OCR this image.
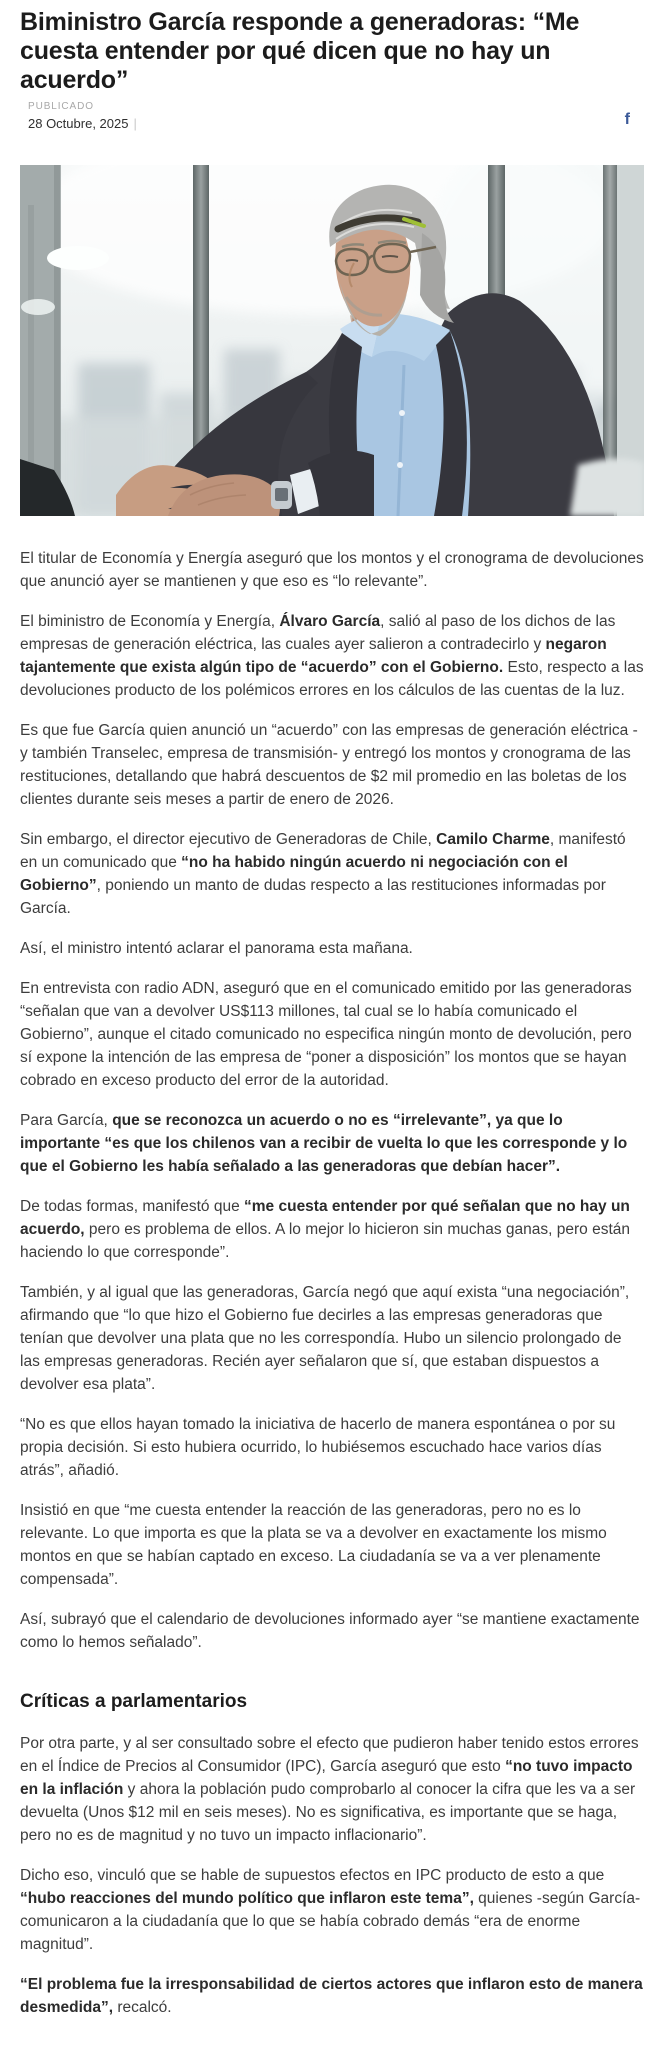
Biministro García responde a generadoras: “Me cuesta entender por qué dicen que no hay un acuerdo”
PUBLICADO
28 Octubre, 2025 |	f

El titular de Economía y Energía aseguró que los montos y el cronograma de devoluciones que anunció ayer se mantienen y que eso es “lo relevante”.

El biministro de Economía y Energía, Álvaro García, salió al paso de los dichos de las empresas de generación eléctrica, las cuales ayer salieron a contradecirlo y negaron tajantemente que exista algún tipo de “acuerdo” con el Gobierno. Esto, respecto a las devoluciones producto de los polémicos errores en los cálculos de las cuentas de la luz.

Es que fue García quien anunció un “acuerdo” con las empresas de generación eléctrica -y también Transelec, empresa de transmisión- y entregó los montos y cronograma de las restituciones, detallando que habrá descuentos de $2 mil promedio en las boletas de los clientes durante seis meses a partir de enero de 2026.

Sin embargo, el director ejecutivo de Generadoras de Chile, Camilo Charme, manifestó en un comunicado que “no ha habido ningún acuerdo ni negociación con el Gobierno”, poniendo un manto de dudas respecto a las restituciones informadas por García.

Así, el ministro intentó aclarar el panorama esta mañana.

En entrevista con radio ADN, aseguró que en el comunicado emitido por las generadoras “señalan que van a devolver US$113 millones, tal cual se lo había comunicado el Gobierno”, aunque el citado comunicado no especifica ningún monto de devolución, pero sí expone la intención de las empresa de “poner a disposición” los montos que se hayan cobrado en exceso producto del error de la autoridad.

Para García, que se reconozca un acuerdo o no es “irrelevante”, ya que lo importante “es que los chilenos van a recibir de vuelta lo que les corresponde y lo que el Gobierno les había señalado a las generadoras que debían hacer”.

De todas formas, manifestó que “me cuesta entender por qué señalan que no hay un acuerdo, pero es problema de ellos. A lo mejor lo hicieron sin muchas ganas, pero están haciendo lo que corresponde”.

También, y al igual que las generadoras, García negó que aquí exista “una negociación”, afirmando que “lo que hizo el Gobierno fue decirles a las empresas generadoras que tenían que devolver una plata que no les correspondía. Hubo un silencio prolongado de las empresas generadoras. Recién ayer señalaron que sí, que estaban dispuestos a devolver esa plata”.

“No es que ellos hayan tomado la iniciativa de hacerlo de manera espontánea o por su propia decisión. Si esto hubiera ocurrido, lo hubiésemos escuchado hace varios días atrás”, añadió.

Insistió en que “me cuesta entender la reacción de las generadoras, pero no es lo relevante. Lo que importa es que la plata se va a devolver en exactamente los mismo montos en que se habían captado en exceso. La ciudadanía se va a ver plenamente compensada”.

Así, subrayó que el calendario de devoluciones informado ayer “se mantiene exactamente como lo hemos señalado”.

Críticas a parlamentarios

Por otra parte, y al ser consultado sobre el efecto que pudieron haber tenido estos errores en el Índice de Precios al Consumidor (IPC), García aseguró que esto “no tuvo impacto en la inflación y ahora la población pudo comprobarlo al conocer la cifra que les va a ser devuelta (Unos $12 mil en seis meses). No es significativa, es importante que se haga, pero no es de magnitud y no tuvo un impacto inflacionario”.

Dicho eso, vinculó que se hable de supuestos efectos en IPC producto de esto a que “hubo reacciones del mundo político que inflaron este tema”, quienes -según García- comunicaron a la ciudadanía que lo que se había cobrado demás “era de enorme magnitud”.

“El problema fue la irresponsabilidad de ciertos actores que inflaron esto de manera desmedida”, recalcó.
